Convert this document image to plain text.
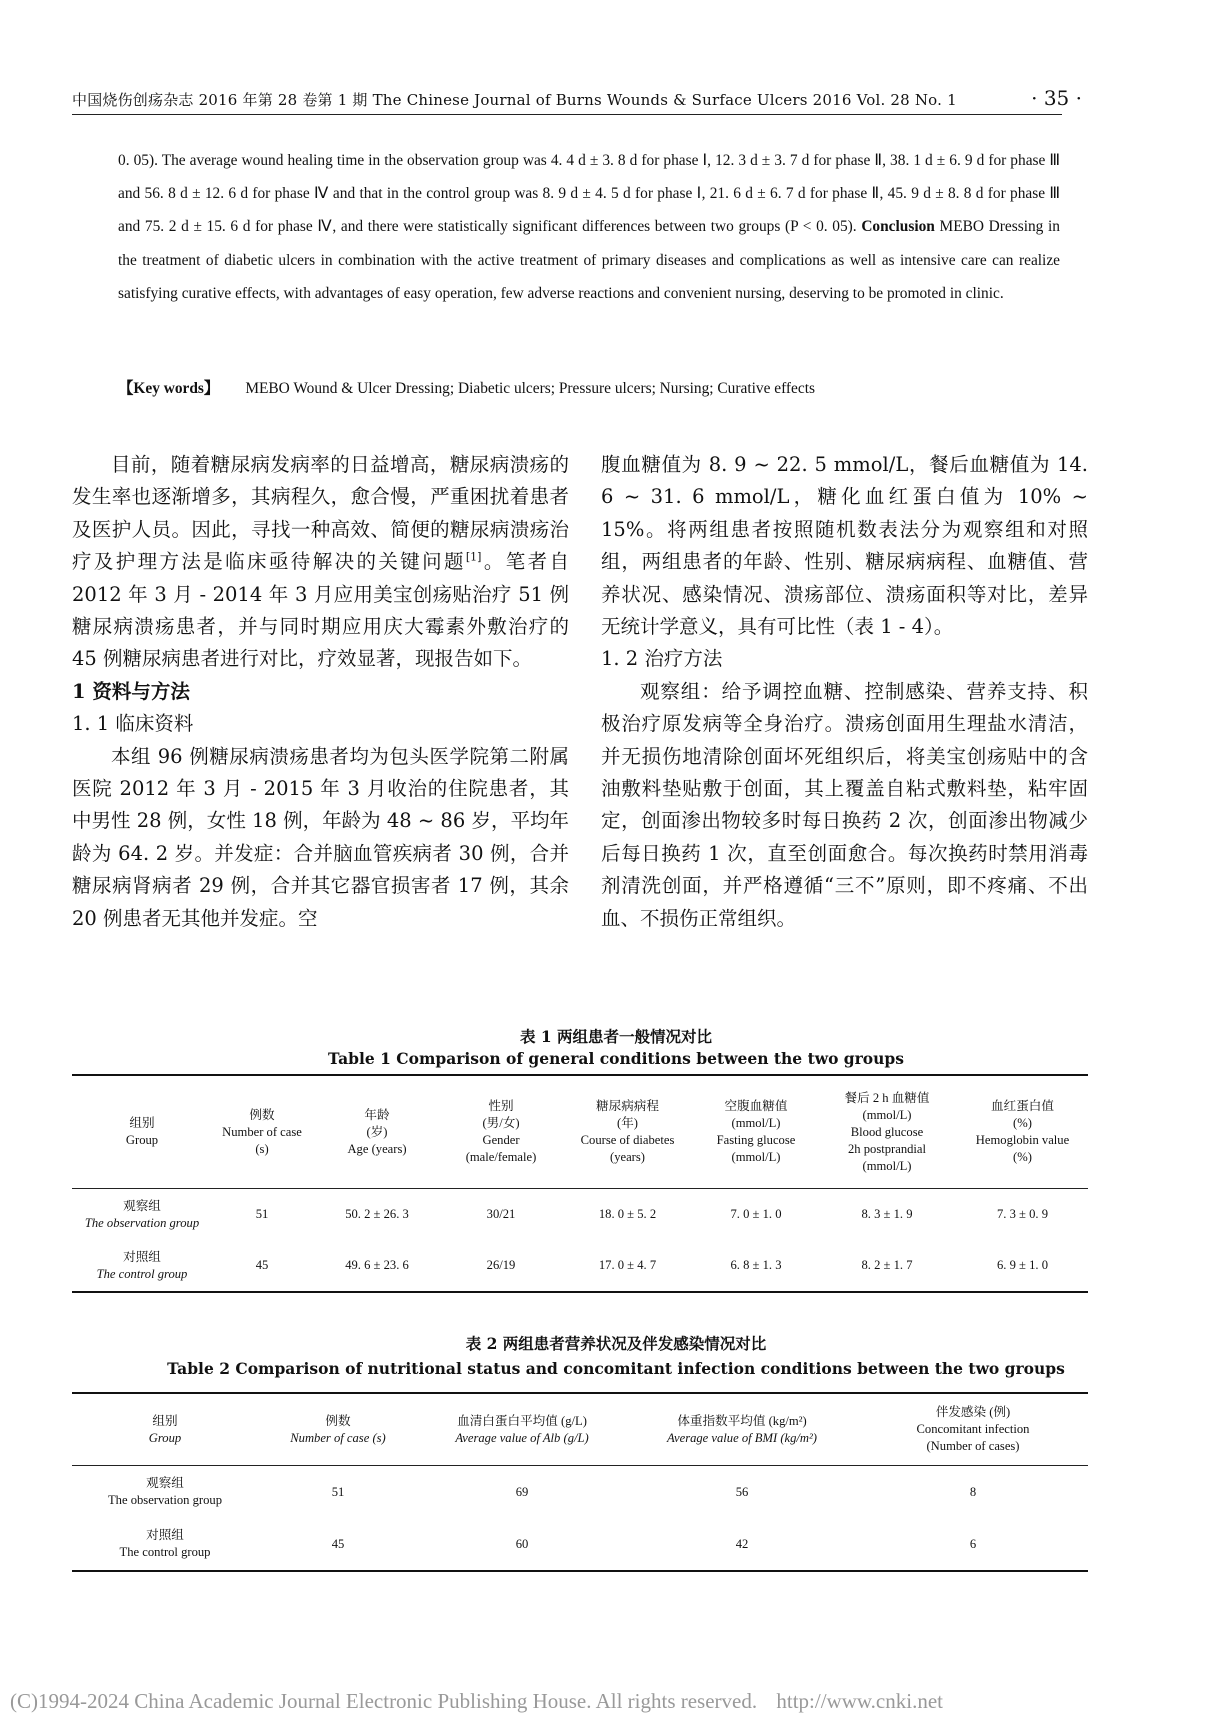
中国烧伤创疡杂志 2016 年第 28 卷第 1 期 The Chinese Journal of Burns Wounds & Surface Ulcers 2016 Vol. 28 No. 1	· 35 ·

0. 05). The average wound healing time in the observation group was 4. 4 d ± 3. 8 d for phase Ⅰ, 12. 3 d ± 3. 7 d for phase Ⅱ, 38. 1 d ± 6. 9 d for phase Ⅲ and 56. 8 d ± 12. 6 d for phase Ⅳ and that in the control group was 8. 9 d ± 4. 5 d for phase Ⅰ, 21. 6 d ± 6. 7 d for phase Ⅱ, 45. 9 d ± 8. 8 d for phase Ⅲ and 75. 2 d ± 15. 6 d for phase Ⅳ, and there were statistically significant differences between two groups (P < 0. 05). Conclusion MEBO Dressing in the treatment of diabetic ulcers in combination with the active treatment of primary diseases and complications as well as intensive care can realize satisfying curative effects, with advantages of easy operation, few adverse reactions and convenient nursing, deserving to be promoted in clinic.

【Key words】 MEBO Wound & Ulcer Dressing; Diabetic ulcers; Pressure ulcers; Nursing; Curative effects

目前，随着糖尿病发病率的日益增高，糖尿病溃疡的发生率也逐渐增多，其病程久，愈合慢，严重困扰着患者及医护人员。因此，寻找一种高效、简便的糖尿病溃疡治疗及护理方法是临床亟待解决的关键问题[1]。笔者自 2012 年 3 月 - 2014 年 3 月应用美宝创疡贴治疗 51 例糖尿病溃疡患者，并与同时期应用庆大霉素外敷治疗的 45 例糖尿病患者进行对比，疗效显著，现报告如下。

1 资料与方法

1. 1 临床资料

本组 96 例糖尿病溃疡患者均为包头医学院第二附属医院 2012 年 3 月 - 2015 年 3 月收治的住院患者，其中男性 28 例，女性 18 例，年龄为 48 ~ 86 岁，平均年龄为 64. 2 岁。并发症：合并脑血管疾病者 30 例，合并糖尿病肾病者 29 例，合并其它器官损害者 17 例，其余 20 例患者无其他并发症。空

腹血糖值为 8. 9 ~ 22. 5 mmol/L，餐后血糖值为 14. 6 ~ 31. 6 mmol/L，糖化血红蛋白值为 10% ~ 15%。将两组患者按照随机数表法分为观察组和对照组，两组患者的年龄、性别、糖尿病病程、血糖值、营养状况、感染情况、溃疡部位、溃疡面积等对比，差异无统计学意义，具有可比性（表 1 - 4）。

1. 2 治疗方法

观察组：给予调控血糖、控制感染、营养支持、积极治疗原发病等全身治疗。溃疡创面用生理盐水清洁，并无损伤地清除创面坏死组织后，将美宝创疡贴中的含油敷料垫贴敷于创面，其上覆盖自粘式敷料垫，粘牢固定，创面渗出物较多时每日换药 2 次，创面渗出物减少后每日换药 1 次，直至创面愈合。每次换药时禁用消毒剂清洗创面，并严格遵循“三不”原则，即不疼痛、不出血、不损伤正常组织。

表 1 两组患者一般情况对比
Table 1 Comparison of general conditions between the two groups
组别
Group	例数
Number of case
(s)	年龄
(岁)
Age (years)	性别
(男/女)
Gender
(male/female)	糖尿病病程
(年)
Course of diabetes
(years)	空腹血糖值
(mmol/L)
Fasting glucose
(mmol/L)	餐后 2 h 血糖值
(mmol/L)
Blood glucose
2h postprandial
(mmol/L)	血红蛋白值
(%)
Hemoglobin value
(%)

观察组
The observation group	51	50. 2 ± 26. 3	30/21	18. 0 ± 5. 2	7. 0 ± 1. 0	8. 3 ± 1. 9	7. 3 ± 0. 9

对照组
The control group	45	49. 6 ± 23. 6	26/19	17. 0 ± 4. 7	6. 8 ± 1. 3	8. 2 ± 1. 7	6. 9 ± 1. 0
表 2 两组患者营养状况及伴发感染情况对比
Table 2 Comparison of nutritional status and concomitant infection conditions between the two groups
组别
Group	例数
Number of case (s)	血清白蛋白平均值 (g/L)
Average value of Alb (g/L)	体重指数平均值 (kg/m²)
Average value of BMI (kg/m²)	伴发感染 (例)
Concomitant infection
(Number of cases)

观察组
The observation group	51	69	56	8

对照组
The control group	45	60	42	6
(C)1994-2024 China Academic Journal Electronic Publishing House. All rights reserved. http://www.cnki.net
